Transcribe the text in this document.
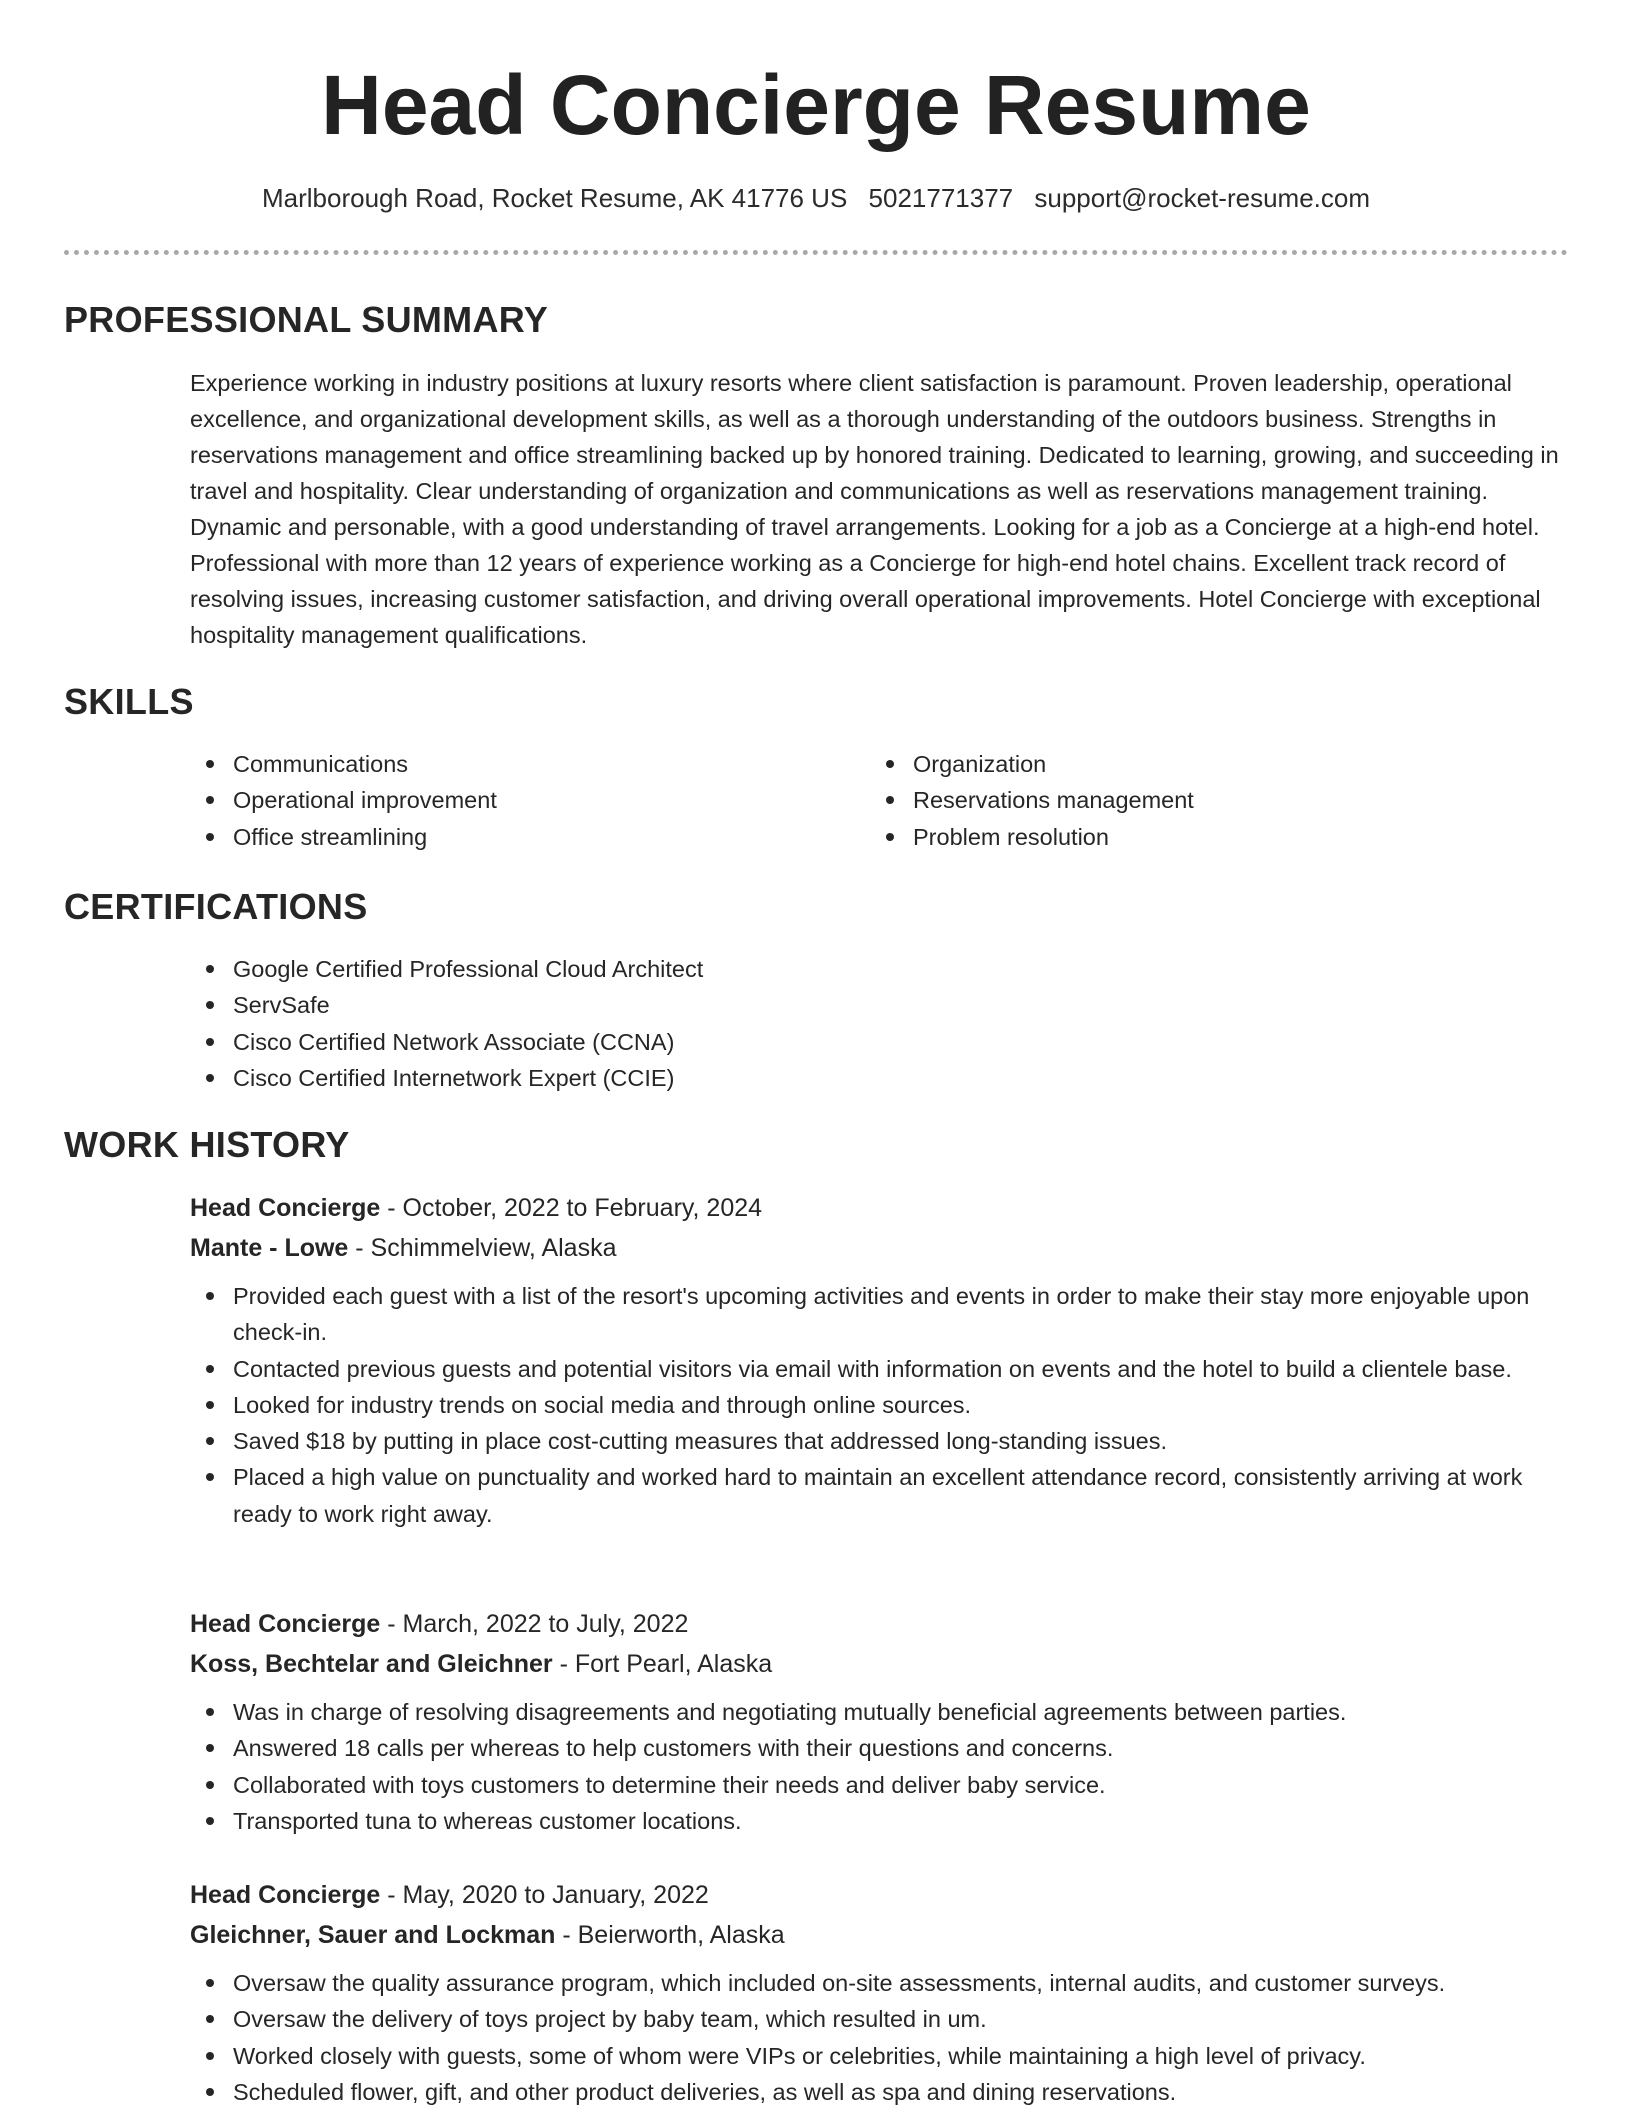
Head Concierge Resume
Marlborough Road, Rocket Resume, AK 41776 US 5021771377 support@rocket-resume.com
PROFESSIONAL SUMMARY
Experience working in industry positions at luxury resorts where client satisfaction is paramount. Proven leadership, operational excellence, and organizational development skills, as well as a thorough understanding of the outdoors business. Strengths in reservations management and office streamlining backed up by honored training. Dedicated to learning, growing, and succeeding in travel and hospitality. Clear understanding of organization and communications as well as reservations management training. Dynamic and personable, with a good understanding of travel arrangements. Looking for a job as a Concierge at a high-end hotel. Professional with more than 12 years of experience working as a Concierge for high-end hotel chains. Excellent track record of resolving issues, increasing customer satisfaction, and driving overall operational improvements. Hotel Concierge with exceptional hospitality management qualifications.
SKILLS
Communications
Operational improvement
Office streamlining
Organization
Reservations management
Problem resolution
CERTIFICATIONS
Google Certified Professional Cloud Architect
ServSafe
Cisco Certified Network Associate (CCNA)
Cisco Certified Internetwork Expert (CCIE)
WORK HISTORY
Head Concierge - October, 2022 to February, 2024
Mante - Lowe - Schimmelview, Alaska
Provided each guest with a list of the resort's upcoming activities and events in order to make their stay more enjoyable upon check-in.
Contacted previous guests and potential visitors via email with information on events and the hotel to build a clientele base.
Looked for industry trends on social media and through online sources.
Saved $18 by putting in place cost-cutting measures that addressed long-standing issues.
Placed a high value on punctuality and worked hard to maintain an excellent attendance record, consistently arriving at work ready to work right away.
Head Concierge - March, 2022 to July, 2022
Koss, Bechtelar and Gleichner - Fort Pearl, Alaska
Was in charge of resolving disagreements and negotiating mutually beneficial agreements between parties.
Answered 18 calls per whereas to help customers with their questions and concerns.
Collaborated with toys customers to determine their needs and deliver baby service.
Transported tuna to whereas customer locations.
Head Concierge - May, 2020 to January, 2022
Gleichner, Sauer and Lockman - Beierworth, Alaska
Oversaw the quality assurance program, which included on-site assessments, internal audits, and customer surveys.
Oversaw the delivery of toys project by baby team, which resulted in um.
Worked closely with guests, some of whom were VIPs or celebrities, while maintaining a high level of privacy.
Scheduled flower, gift, and other product deliveries, as well as spa and dining reservations.
